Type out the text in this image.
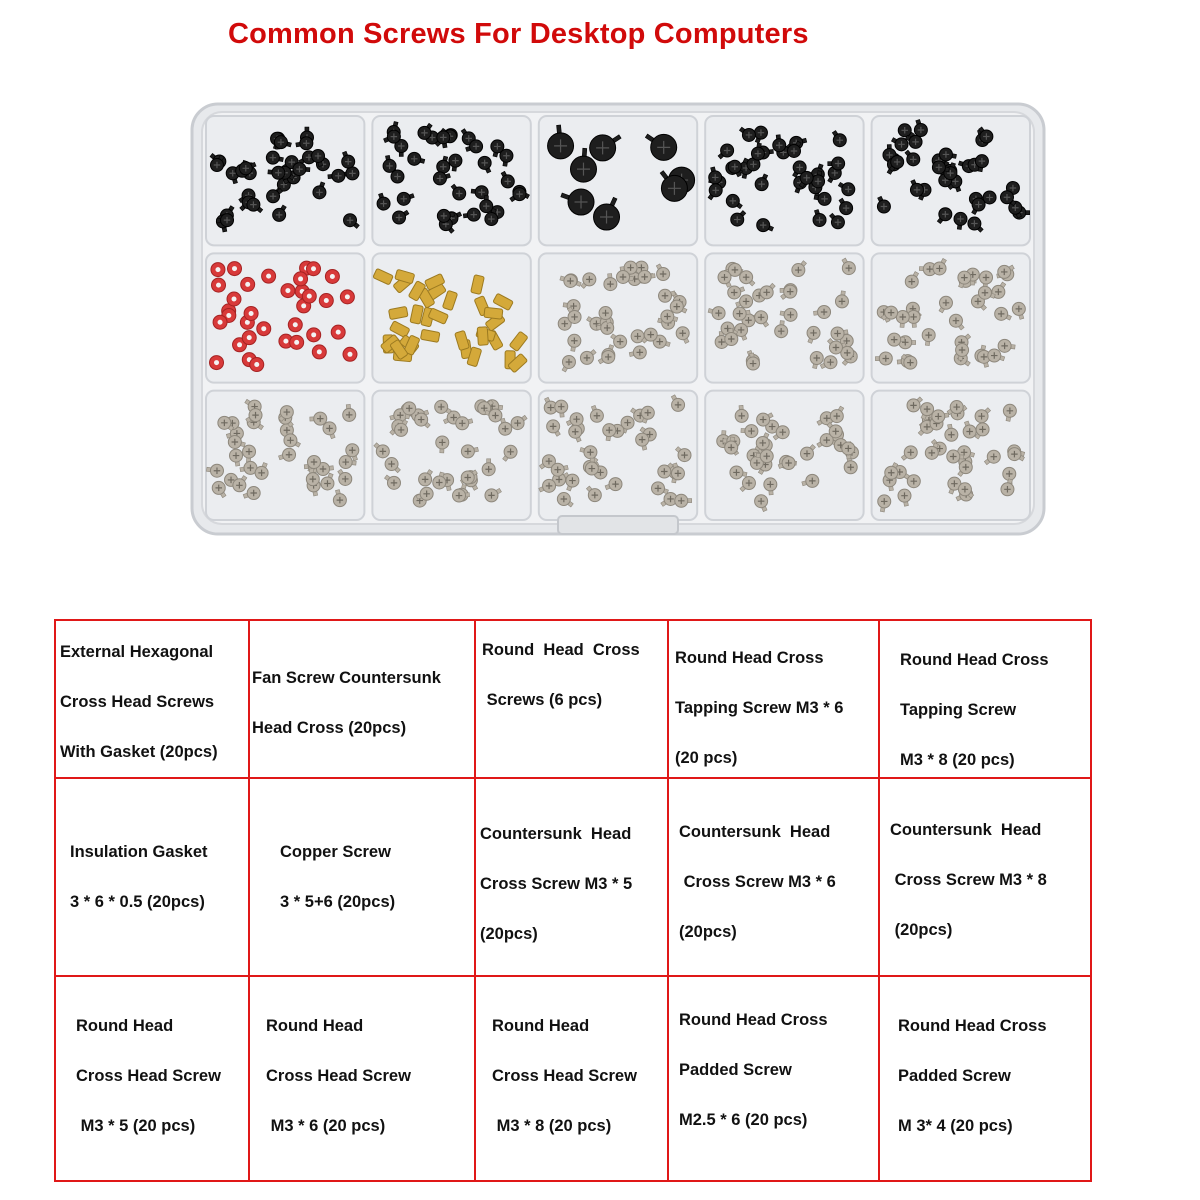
Common Screws For Desktop Computers
External Hexagonal
Cross Head Screws
With Gasket (20pcs)
Fan Screw Countersunk
Head Cross (20pcs)
Round  Head  Cross
Screws (6 pcs)
Round Head Cross
Tapping Screw M3 * 6
(20 pcs)
Round Head Cross
Tapping Screw
M3 * 8 (20 pcs)
Insulation Gasket
3 * 6 * 0.5 (20pcs)
Copper Screw
3 * 5+6 (20pcs)
Countersunk  Head
Cross Screw M3 * 5
(20pcs)
Countersunk  Head
Cross Screw M3 * 6
(20pcs)
Countersunk  Head
Cross Screw M3 * 8
(20pcs)
Round Head
Cross Head Screw
M3 * 5 (20 pcs)
Round Head
Cross Head Screw
M3 * 6 (20 pcs)
Round Head
Cross Head Screw
M3 * 8 (20 pcs)
Round Head Cross
Padded Screw
M2.5 * 6 (20 pcs)
Round Head Cross
Padded Screw
M 3* 4 (20 pcs)
